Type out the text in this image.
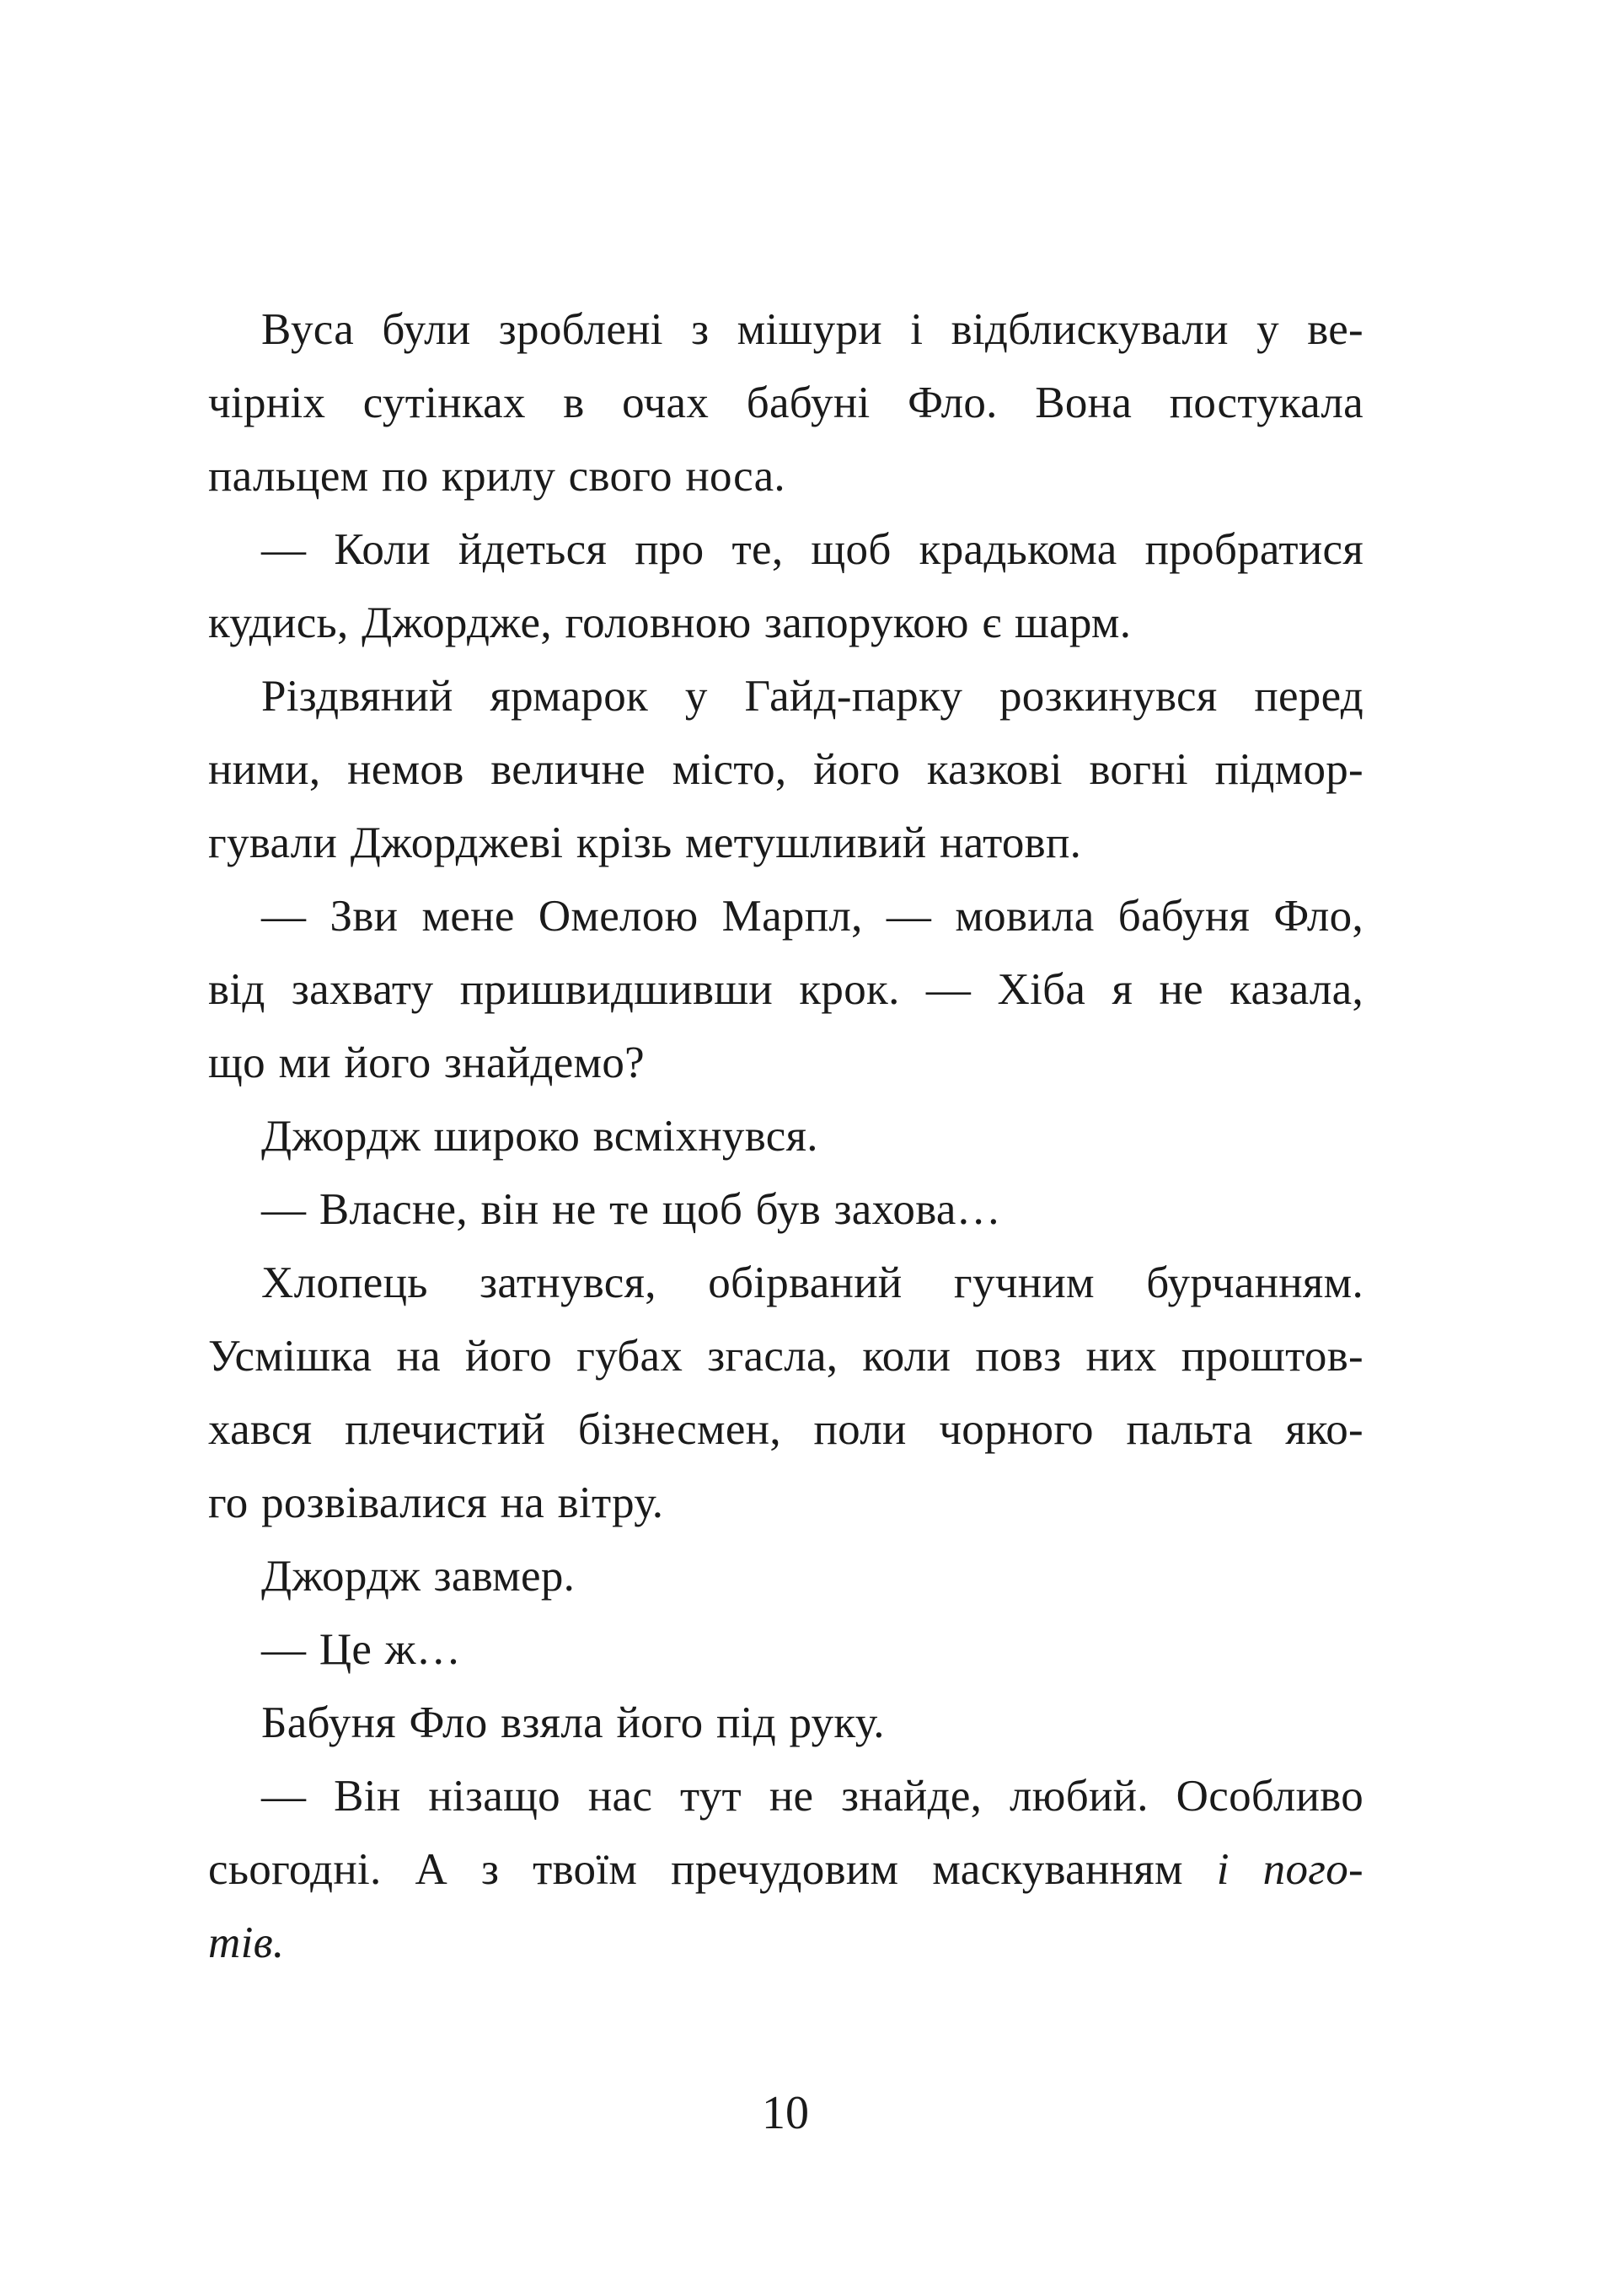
Вуса були зроблені з мішури і відблискували у ве-
чірніх сутінках в очах бабуні Фло. Вона постукала
пальцем по крилу свого носа.
— Коли йдеться про те, щоб крадькома пробратися
кудись, Джордже, головною запорукою є шарм.
Різдвяний ярмарок у Гайд-парку розкинувся перед
ними, немов величне місто, його казкові вогні підмор-
гували Джорджеві крізь метушливий натовп.
— Зви мене Омелою Марпл, — мовила бабуня Фло,
від захвату пришвидшивши крок. — Хіба я не казала,
що ми його знайдемо?
Джордж широко всміхнувся.
— Власне, він не те щоб був захова…
Хлопець затнувся, обірваний гучним бурчанням.
Усмішка на його губах згасла, коли повз них проштов-
хався плечистий бізнесмен, поли чорного пальта яко-
го розвівалися на вітру.
Джордж завмер.
— Це ж…
Бабуня Фло взяла його під руку.
— Він нізащо нас тут не знайде, любий. Особливо
сьогодні. А з твоїм пречудовим маскуванням і пого-
тів.
10
